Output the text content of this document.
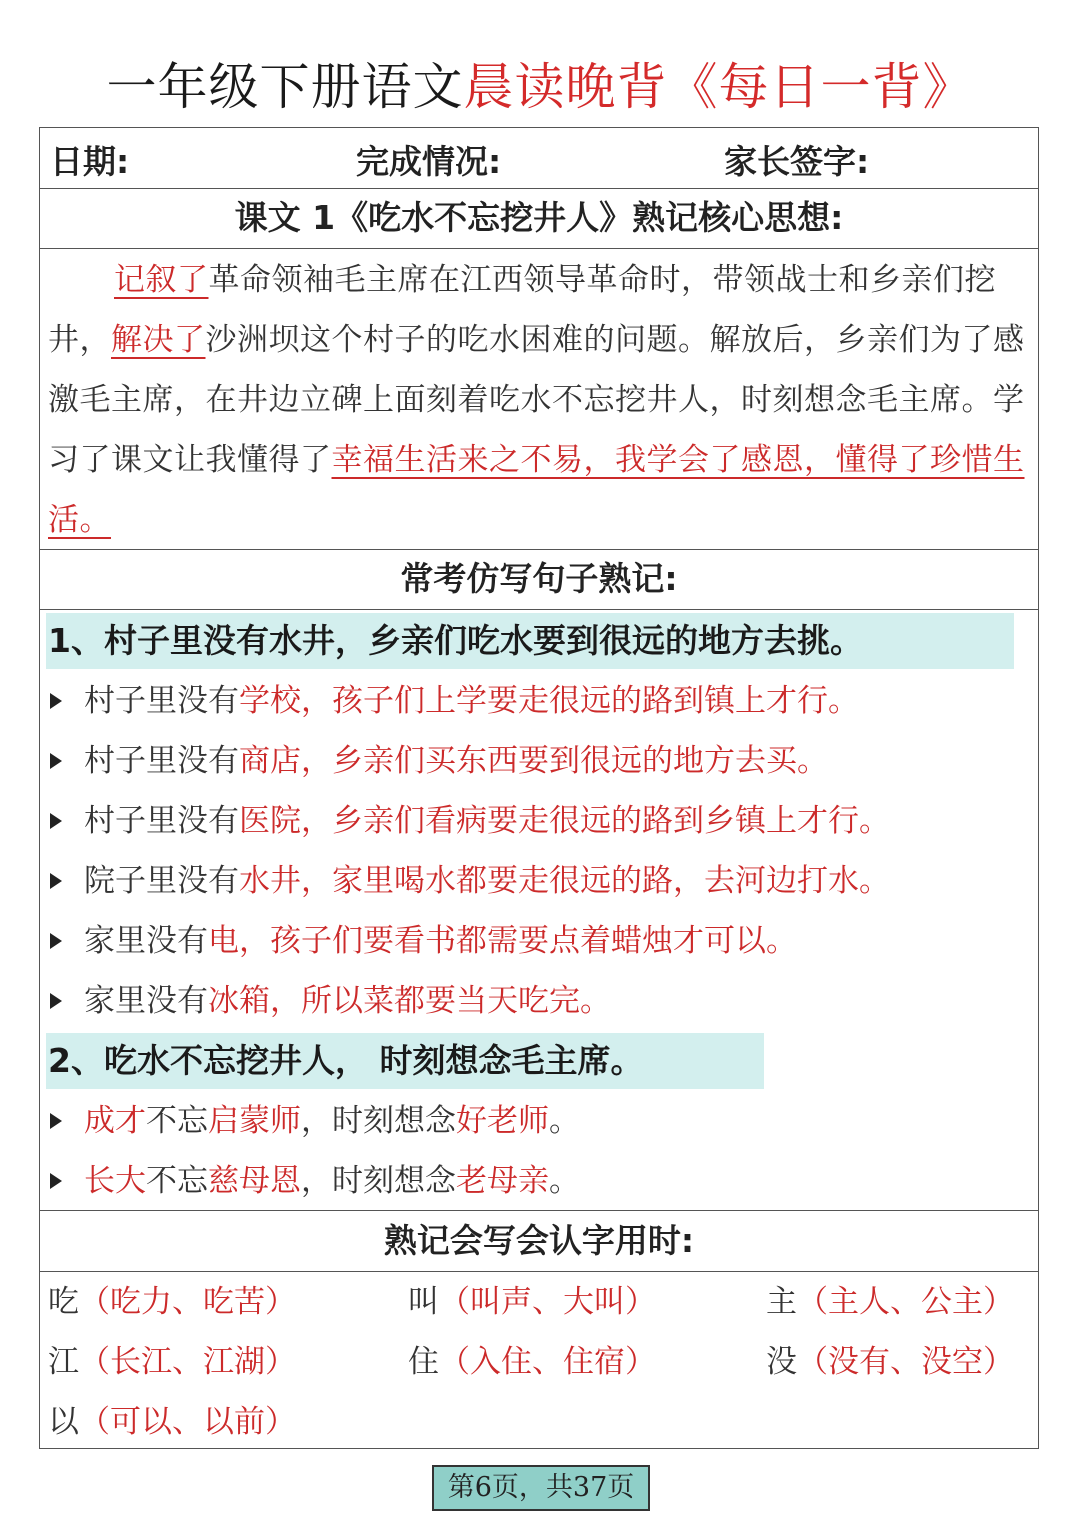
一年级下册语文晨读晚背《每日一背》
日期:	完成情况:	家长签字:
课文 1《吃水不忘挖井人》熟记核心思想:
记叙了革命领袖毛主席在江西领导革命时，带领战士和乡亲们挖井，解决了沙洲坝这个村子的吃水困难的问题。解放后，乡亲们为了感激毛主席，在井边立碑上面刻着吃水不忘挖井人，时刻想念毛主席。学习了课文让我懂得了幸福生活来之不易，我学会了感恩，懂得了珍惜生活。
常考仿写句子熟记:
1、村子里没有水井，乡亲们吃水要到很远的地方去挑。
村子里没有学校，孩子们上学要走很远的路到镇上才行。
村子里没有商店，乡亲们买东西要到很远的地方去买。
村子里没有医院，乡亲们看病要走很远的路到乡镇上才行。
院子里没有水井，家里喝水都要走很远的路，去河边打水。
家里没有电，孩子们要看书都需要点着蜡烛才可以。
家里没有冰箱，所以菜都要当天吃完。
2、吃水不忘挖井人， 时刻想念毛主席。
成才不忘启蒙师，时刻想念好老师。
长大不忘慈母恩，时刻想念老母亲。
熟记会写会认字用时:
吃（吃力、吃苦）	叫（叫声、大叫）	主（主人、公主）
江（长江、江湖）	住（入住、住宿）	没（没有、没空）
以（可以、以前）
第6页，共37页
